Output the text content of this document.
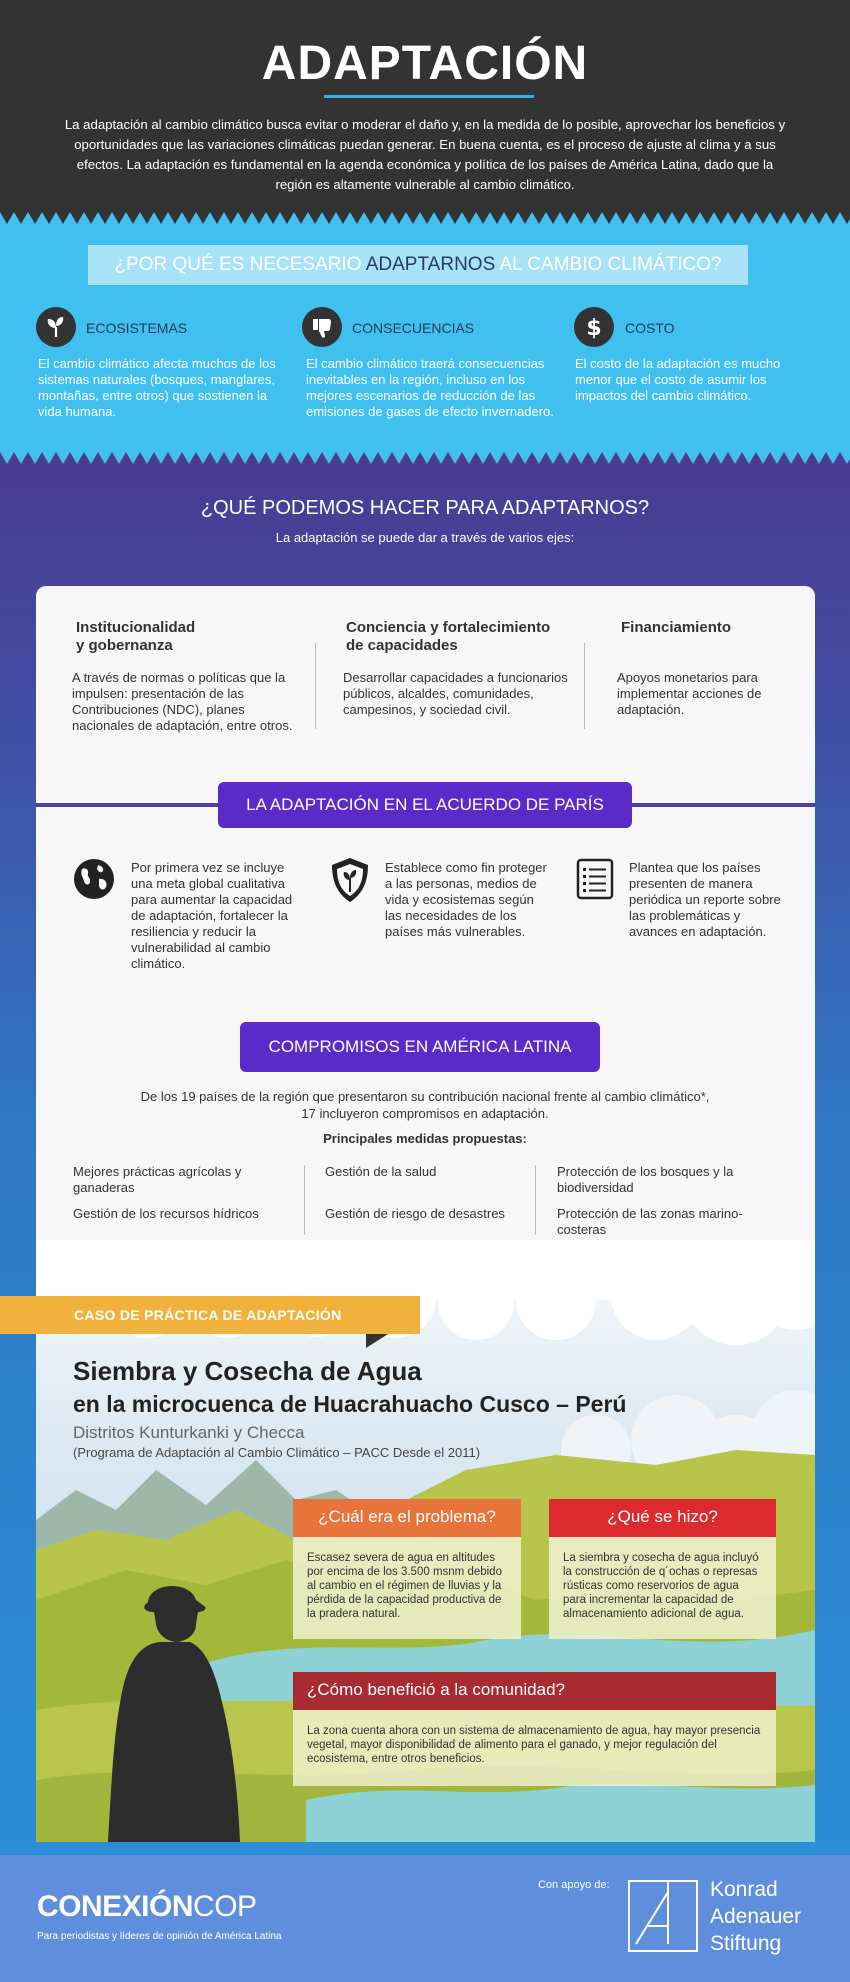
ADAPTACIÓN
La adaptación al cambio climático busca evitar o moderar el daño y, en la medida de lo posible, aprovechar los beneficios y oportunidades que las variaciones climáticas puedan generar. En buena cuenta, es el proceso de ajuste al clima y a sus efectos. La adaptación es fundamental en la agenda económica y política de los países de América Latina, dado que la región es altamente vulnerable al cambio climático.
¿POR QUÉ ES NECESARIO ADAPTARNOS AL CAMBIO CLIMÁTICO?
ECOSISTEMAS
El cambio climático afecta muchos de los sistemas naturales (bosques, manglares, montañas, entre otros) que sostienen la vida humana.
CONSECUENCIAS
El cambio climático traerá consecuencias inevitables en la región, incluso en los mejores escenarios de reducción de las emisiones de gases de efecto invernadero.
$ COSTO
El costo de la adaptación es mucho menor que el costo de asumir los impactos del cambio climático.
¿QUÉ PODEMOS HACER PARA ADAPTARNOS?
La adaptación se puede dar a través de varios ejes:
Institucionalidad
y gobernanza
A través de normas o políticas que la impulsen: presentación de las Contribuciones (NDC), planes nacionales de adaptación, entre otros.
Conciencia y fortalecimiento
de capacidades
Desarrollar capacidades a funcionarios públicos, alcaldes, comunidades, campesinos, y sociedad civil.
Financiamiento
Apoyos monetarios para implementar acciones de adaptación.
LA ADAPTACIÓN EN EL ACUERDO DE PARÍS
Por primera vez se incluye una meta global cualitativa para aumentar la capacidad de adaptación, fortalecer la resiliencia y reducir la vulnerabilidad al cambio climático.
Establece como fin proteger a las personas, medios de vida y ecosistemas según las necesidades de los países más vulnerables.
Plantea que los países presenten de manera periódica un reporte sobre las problemáticas y avances en adaptación.
COMPROMISOS EN AMÉRICA LATINA
De los 19 países de la región que presentaron su contribución nacional frente al cambio climático*, 17 incluyeron compromisos en adaptación.
Principales medidas propuestas:
Mejores prácticas agrícolas y ganaderas
Gestión de los recursos hídricos
Gestión de la salud
Gestión de riesgo de desastres
Protección de los bosques y la biodiversidad
Protección de las zonas marino-costeras
CASO DE PRÁCTICA DE ADAPTACIÓN
Siembra y Cosecha de Agua
en la microcuenca de Huacrahuacho Cusco – Perú
Distritos Kunturkanki y Checca
(Programa de Adaptación al Cambio Climático – PACC Desde el 2011)
¿Cuál era el problema?
Escasez severa de agua en altitudes por encima de los 3.500 msnm debido al cambio en el régimen de lluvias y la pérdida de la capacidad productiva de la pradera natural.
¿Qué se hizo?
La siembra y cosecha de agua incluyó la construcción de q´ochas o represas rústicas como reservorios de agua para incrementar la capacidad de almacenamiento adicional de agua.
¿Cómo benefició a la comunidad?
La zona cuenta ahora con un sistema de almacenamiento de agua, hay mayor presencia vegetal, mayor disponibilidad de alimento para el ganado, y mejor regulación del ecosistema, entre otros beneficios.
CONEXIÓNCOP
Para periodistas y líderes de opinión de América Latina
Con apoyo de:	Konrad
Adenauer
Stiftung
